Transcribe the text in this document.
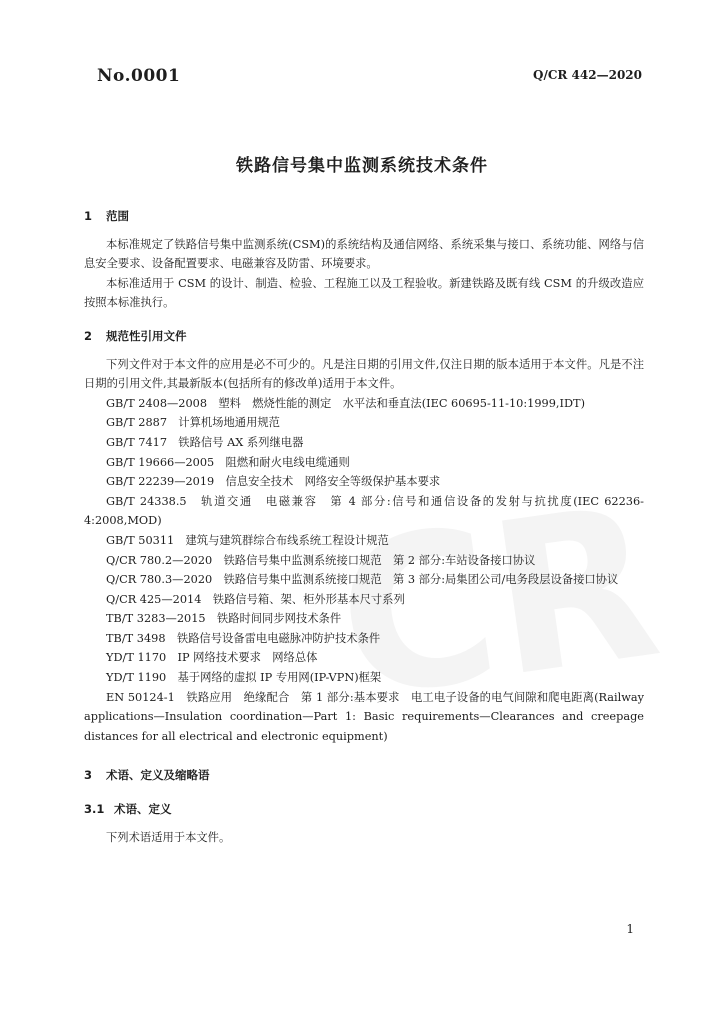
No.0001	Q/CR 442—2020
铁路信号集中监测系统技术条件

1 范围

本标准规定了铁路信号集中监测系统(CSM)的系统结构及通信网络、系统采集与接口、系统功能、网络与信息安全要求、设备配置要求、电磁兼容及防雷、环境要求。

本标准适用于 CSM 的设计、制造、检验、工程施工以及工程验收。新建铁路及既有线 CSM 的升级改造应按照本标准执行。

2 规范性引用文件

下列文件对于本文件的应用是必不可少的。凡是注日期的引用文件,仅注日期的版本适用于本文件。凡是不注日期的引用文件,其最新版本(包括所有的修改单)适用于本文件。

GB/T 2408—2008　塑料　燃烧性能的测定　水平法和垂直法(IEC 60695-11-10:1999,IDT)

GB/T 2887　计算机场地通用规范

GB/T 7417　铁路信号 AX 系列继电器

GB/T 19666—2005　阻燃和耐火电线电缆通则

GB/T 22239—2019　信息安全技术　网络安全等级保护基本要求

GB/T 24338.5　轨道交通　电磁兼容　第 4 部分:信号和通信设备的发射与抗扰度(IEC 62236-4:2008,MOD)

GB/T 50311　建筑与建筑群综合布线系统工程设计规范

Q/CR 780.2—2020　铁路信号集中监测系统接口规范　第 2 部分:车站设备接口协议

Q/CR 780.3—2020　铁路信号集中监测系统接口规范　第 3 部分:局集团公司/电务段层设备接口协议

Q/CR 425—2014　铁路信号箱、架、柜外形基本尺寸系列

TB/T 3283—2015　铁路时间同步网技术条件

TB/T 3498　铁路信号设备雷电电磁脉冲防护技术条件

YD/T 1170　IP 网络技术要求　网络总体

YD/T 1190　基于网络的虚拟 IP 专用网(IP-VPN)框架

EN 50124-1　铁路应用　绝缘配合　第 1 部分:基本要求　电工电子设备的电气间隙和爬电距离(Railway applications—Insulation coordination—Part 1: Basic requirements—Clearances and creepage distances for all electrical and electronic equipment)

3 术语、定义及缩略语

3.1 术语、定义

下列术语适用于本文件。

1
